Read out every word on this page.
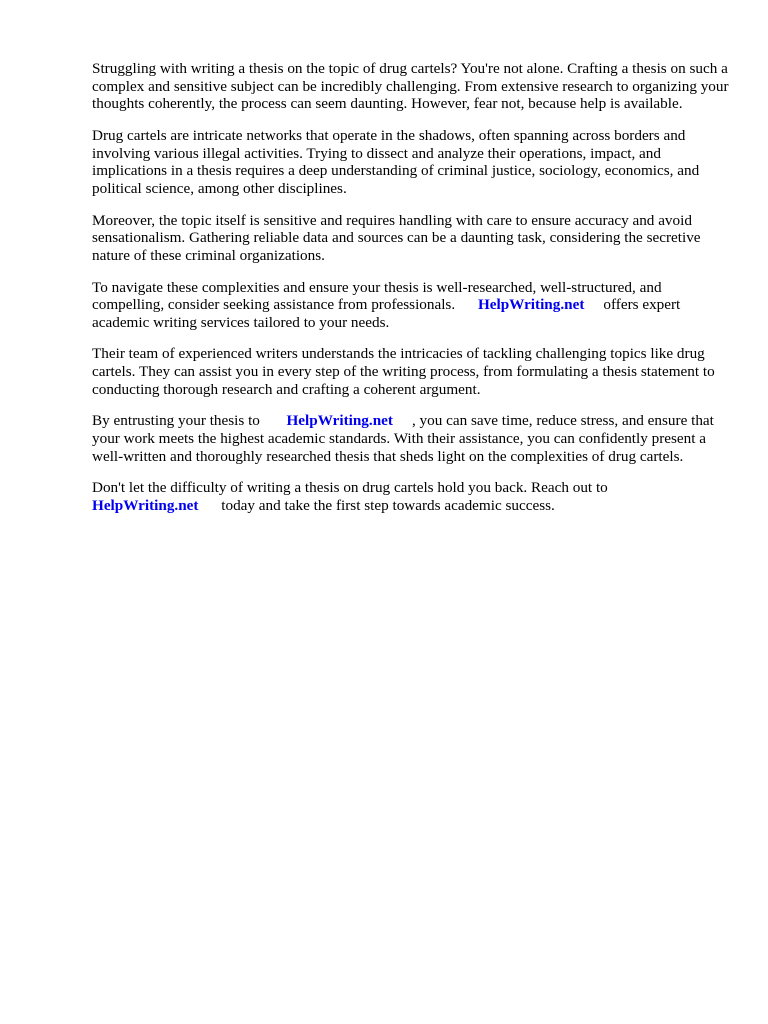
Struggling with writing a thesis on the topic of drug cartels? You're not alone. Crafting a thesis on such a complex and sensitive subject can be incredibly challenging. From extensive research to organizing your thoughts coherently, the process can seem daunting. However, fear not, because help is available.

Drug cartels are intricate networks that operate in the shadows, often spanning across borders and involving various illegal activities. Trying to dissect and analyze their operations, impact, and implications in a thesis requires a deep understanding of criminal justice, sociology, economics, and political science, among other disciplines.

Moreover, the topic itself is sensitive and requires handling with care to ensure accuracy and avoid sensationalism. Gathering reliable data and sources can be a daunting task, considering the secretive nature of these criminal organizations.

To navigate these complexities and ensure your thesis is well-researched, well-structured, and compelling, consider seeking assistance from professionals. HelpWriting.net offers expert academic writing services tailored to your needs.

Their team of experienced writers understands the intricacies of tackling challenging topics like drug cartels. They can assist you in every step of the writing process, from formulating a thesis statement to conducting thorough research and crafting a coherent argument.

By entrusting your thesis to HelpWriting.net , you can save time, reduce stress, and ensure that your work meets the highest academic standards. With their assistance, you can confidently present a well-written and thoroughly researched thesis that sheds light on the complexities of drug cartels.

Don't let the difficulty of writing a thesis on drug cartels hold you back. Reach out to HelpWriting.net today and take the first step towards academic success.
